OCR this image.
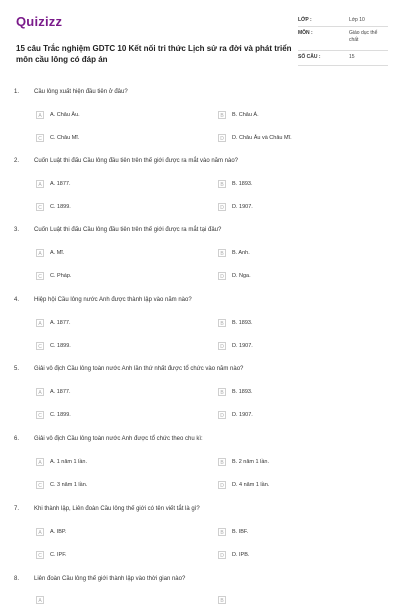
Quizizz
15 câu Trắc nghiệm GDTC 10 Kết nối tri thức Lịch sử ra đời và phát triển môn cầu lông có đáp án
LỚP :	Lớp 10
MÔN :	Giáo dục thể chất
SỐ CÂU :	15
1. Cầu lông xuất hiện đầu tiên ở đâu?
A	A. Châu Âu.	B	B. Châu Á.
C	C. Châu Mĩ.	D	D. Châu Âu và Châu Mĩ.
2. Cuốn Luật thi đấu Cầu lông đầu tiên trên thế giới được ra mắt vào năm nào?
A	A. 1877.	B	B. 1893.
C	C. 1899.	D	D. 1907.
3. Cuốn Luật thi đấu Cầu lông đầu tiên trên thế giới được ra mắt tại đâu?
A	A. Mĩ.	B	B. Anh.
C	C. Pháp.	D	D. Nga.
4. Hiệp hội Cầu lông nước Anh được thành lập vào năm nào?
A	A. 1877.	B	B. 1893.
C	C. 1899.	D	D. 1907.
5. Giải vô địch Cầu lông toàn nước Anh lần thứ nhất được tổ chức vào năm nào?
A	A. 1877.	B	B. 1893.
C	C. 1899.	D	D. 1907.
6. Giải vô địch Cầu lông toàn nước Anh được tổ chức theo chu kì:
A	A. 1 năm 1 lần.	B	B. 2 năm 1 lần.
C	C. 3 năm 1 lần.	D	D. 4 năm 1 lần.
7. Khi thành lập, Liên đoàn Cầu lông thế giới có tên viết tắt là gì?
A	A. IBP.	B	B. IBF.
C	C. IPF.	D	D. IPB.
8. Liên đoàn Cầu lông thế giới thành lập vào thời gian nào?
A	B
